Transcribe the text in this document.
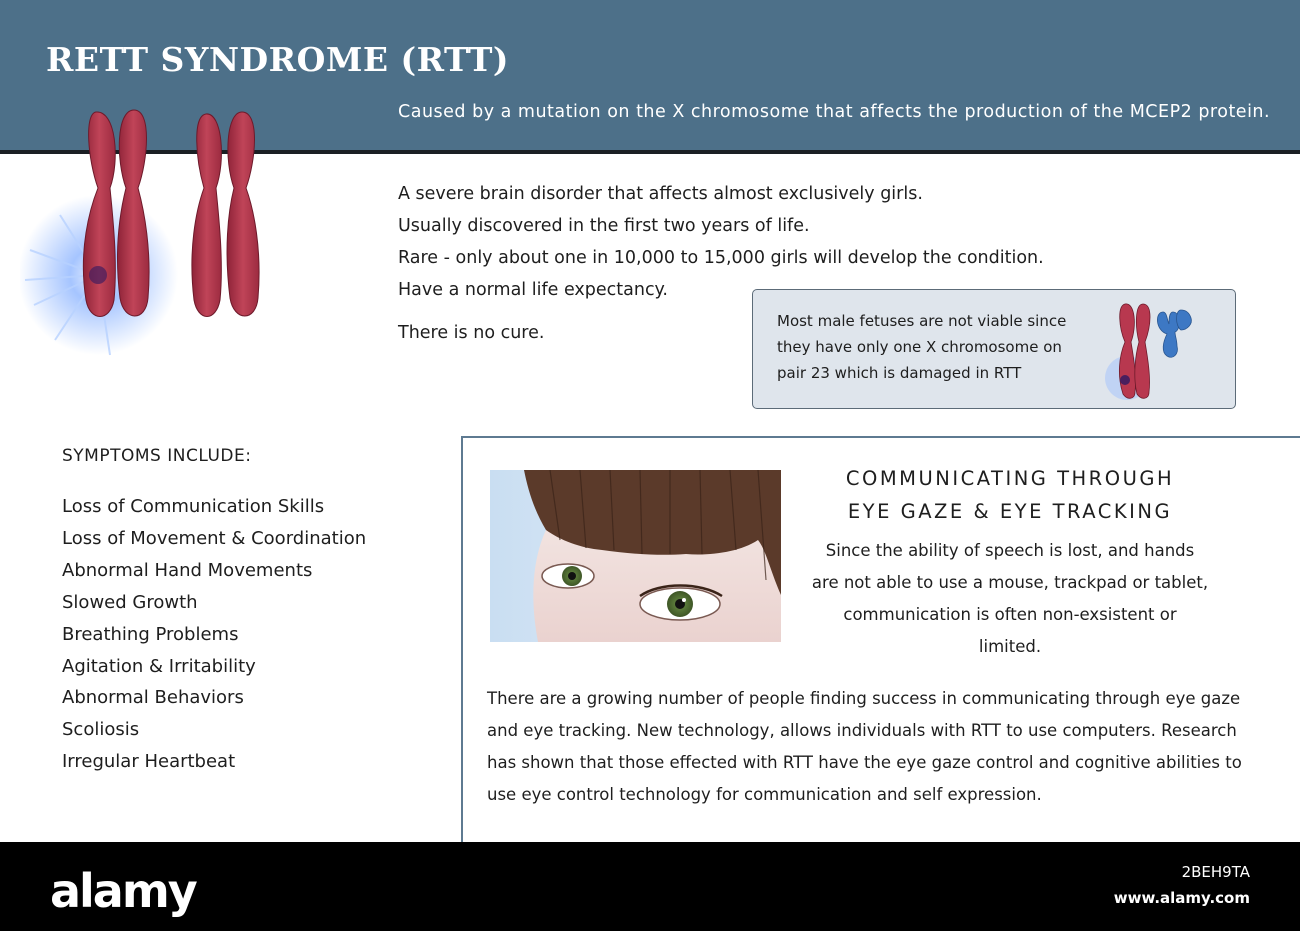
RETT SYNDROME (RTT)
Caused by a mutation on the X chromosome that affects the production of the MCEP2 protein.
A severe brain disorder that affects almost exclusively girls.
Usually discovered in the first two years of life.
Rare - only about one in 10,000 to 15,000 girls will develop the condition.
Have a normal life expectancy.

There is no cure.

Most male fetuses are not viable since they have only one X chromosome on pair 23 which is damaged in RTT

SYMPTOMS INCLUDE:
Loss of Communication Skills
Loss of Movement & Coordination
Abnormal Hand Movements
Slowed Growth
Breathing Problems
Agitation & Irritability
Abnormal Behaviors
Scoliosis
Irregular Heartbeat
COMMUNICATING THROUGH
EYE GAZE & EYE TRACKING

Since the ability of speech is lost, and hands are not able to use a mouse, trackpad or tablet, communication is often non-exsistent or limited.

There are a growing number of people finding success in communicating through eye gaze and eye tracking. New technology, allows individuals with RTT to use computers. Research has shown that those effected with RTT have the eye gaze control and cognitive abilities to use eye control technology for communication and self expression.

alamy	2BEH9TA
www.alamy.com
